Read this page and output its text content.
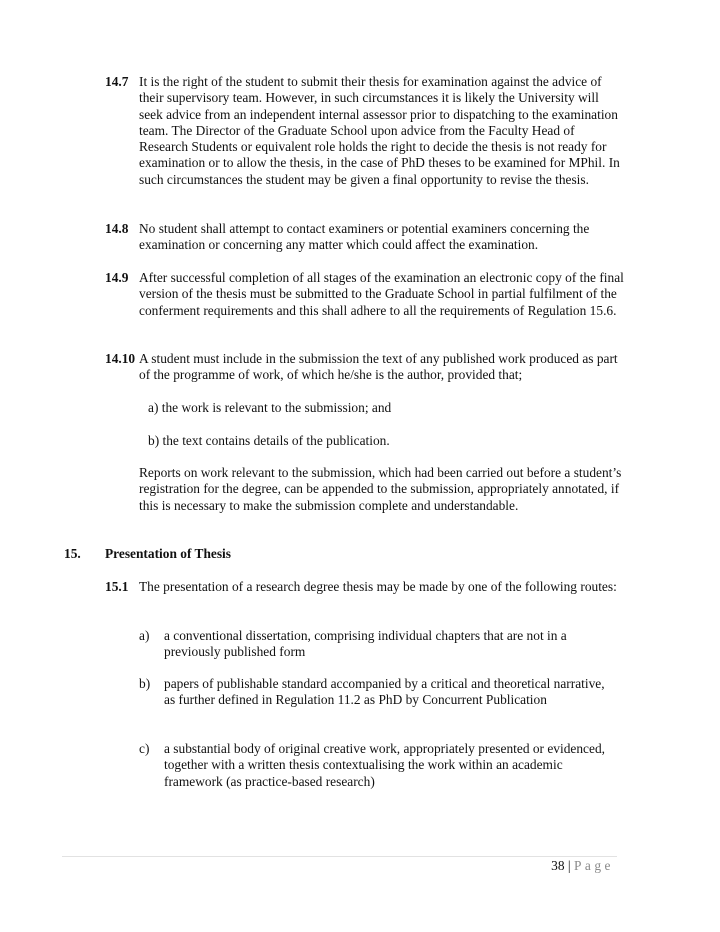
14.7 It is the right of the student to submit their thesis for examination against the advice of their supervisory team. However, in such circumstances it is likely the University will seek advice from an independent internal assessor prior to dispatching to the examination team. The Director of the Graduate School upon advice from the Faculty Head of Research Students or equivalent role holds the right to decide the thesis is not ready for examination or to allow the thesis, in the case of PhD theses to be examined for MPhil. In such circumstances the student may be given a final opportunity to revise the thesis.

14.8 No student shall attempt to contact examiners or potential examiners concerning the examination or concerning any matter which could affect the examination.

14.9 After successful completion of all stages of the examination an electronic copy of the final version of the thesis must be submitted to the Graduate School in partial fulfilment of the conferment requirements and this shall adhere to all the requirements of Regulation 15.6.

14.10 A student must include in the submission the text of any published work produced as part of the programme of work, of which he/she is the author, provided that;

a) the work is relevant to the submission; and
b) the text contains details of the publication.

Reports on work relevant to the submission, which had been carried out before a student’s registration for the degree, can be appended to the submission, appropriately annotated, if this is necessary to make the submission complete and understandable.

15. Presentation of Thesis
15.1 The presentation of a research degree thesis may be made by one of the following routes:

a) a conventional dissertation, comprising individual chapters that are not in a previously published form

b) papers of publishable standard accompanied by a critical and theoretical narrative, as further defined in Regulation 11.2 as PhD by Concurrent Publication

c) a substantial body of original creative work, appropriately presented or evidenced, together with a written thesis contextualising the work within an academic framework (as practice-based research)

38 | Page
